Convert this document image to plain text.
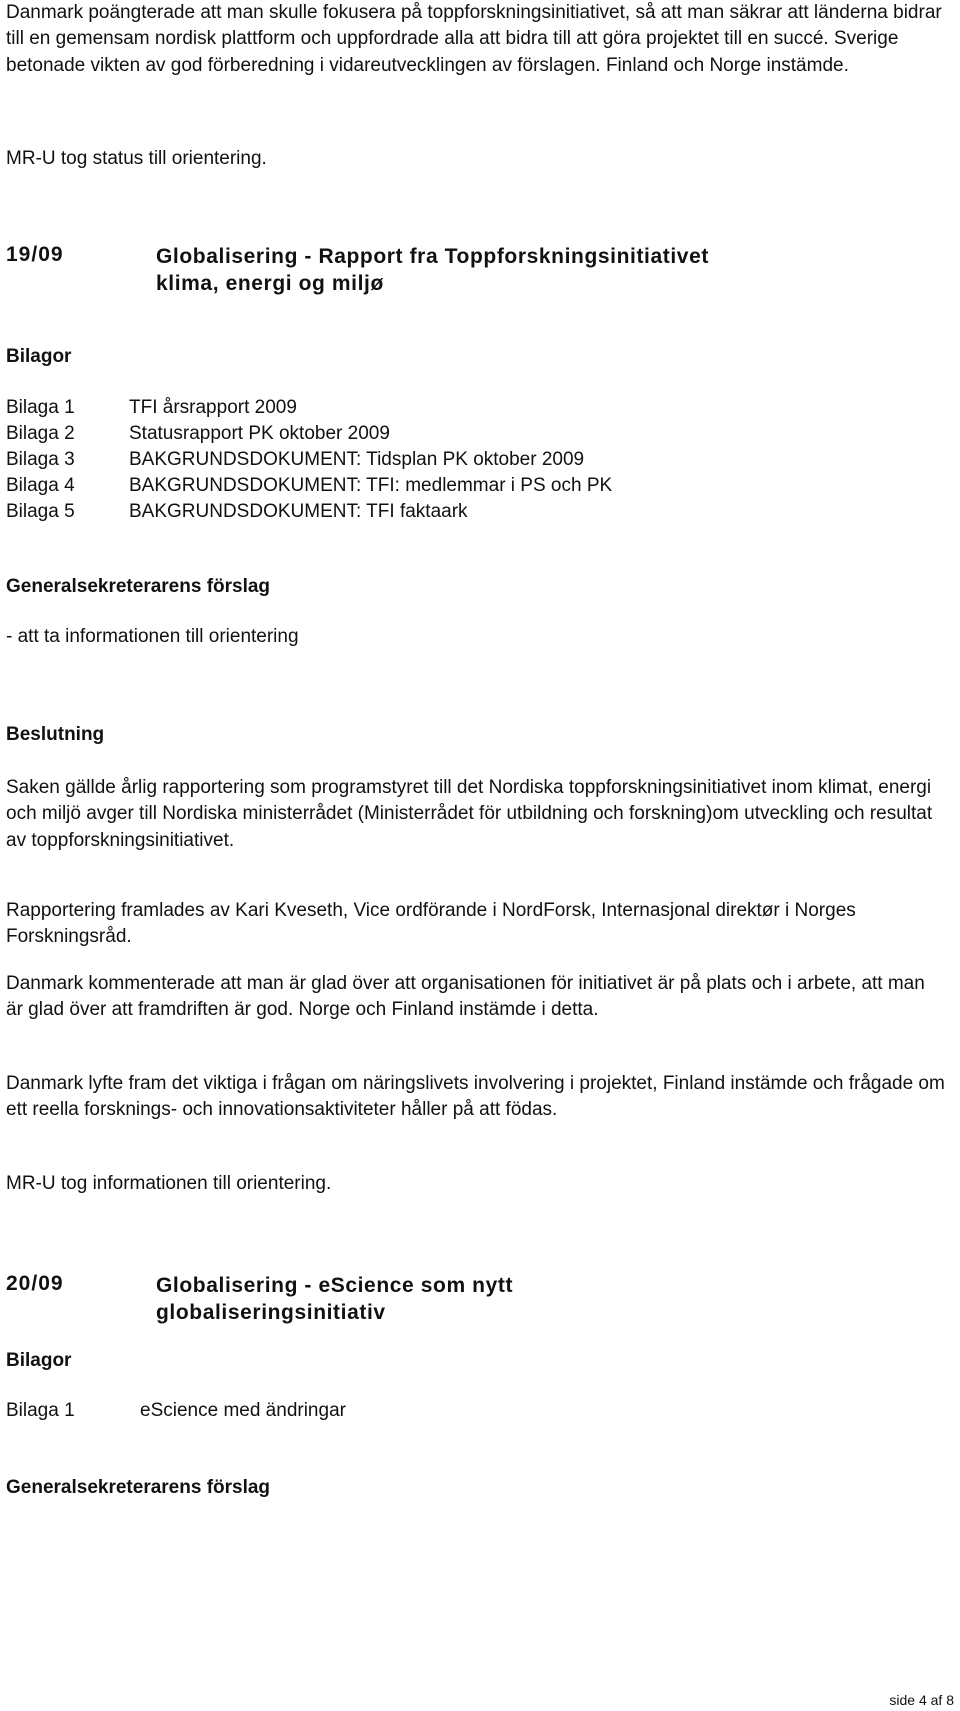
Danmark poängterade att man skulle fokusera på toppforskningsinitiativet, så att man säkrar att länderna bidrar till en gemensam nordisk plattform och uppfordrade alla att bidra till att göra projektet till en succé. Sverige betonade vikten av god förberedning i vidareutvecklingen av förslagen. Finland och Norge instämde.

MR-U tog status till orientering.

19/09	Globalisering - Rapport fra Toppforskningsinitiativet klima, energi og miljø
Bilagor
Bilaga 1	TFI årsrapport 2009
Bilaga 2	Statusrapport PK oktober 2009
Bilaga 3	BAKGRUNDSDOKUMENT: Tidsplan PK oktober 2009
Bilaga 4	BAKGRUNDSDOKUMENT: TFI: medlemmar i PS och PK
Bilaga 5	BAKGRUNDSDOKUMENT: TFI faktaark
Generalsekreterarens förslag

- att ta informationen till orientering

Beslutning

Saken gällde årlig rapportering som programstyret till det Nordiska toppforskningsinitiativet inom klimat, energi och miljö avger till Nordiska ministerrådet (Ministerrådet för utbildning och forskning)om utveckling och resultat av toppforskningsinitiativet.

Rapportering framlades av Kari Kveseth, Vice ordförande i NordForsk, Internasjonal direktør i Norges Forskningsråd.

Danmark kommenterade att man är glad över att organisationen för initiativet är på plats och i arbete, att man är glad över att framdriften är god. Norge och Finland instämde i detta.

Danmark lyfte fram det viktiga i frågan om näringslivets involvering i projektet, Finland instämde och frågade om ett reella forsknings- och innovationsaktiviteter håller på att födas.

MR-U tog informationen till orientering.

20/09	Globalisering - eScience som nytt globaliseringsinitiativ
Bilagor
Bilaga 1	eScience med ändringar
Generalsekreterarens förslag
side 4 af 8
